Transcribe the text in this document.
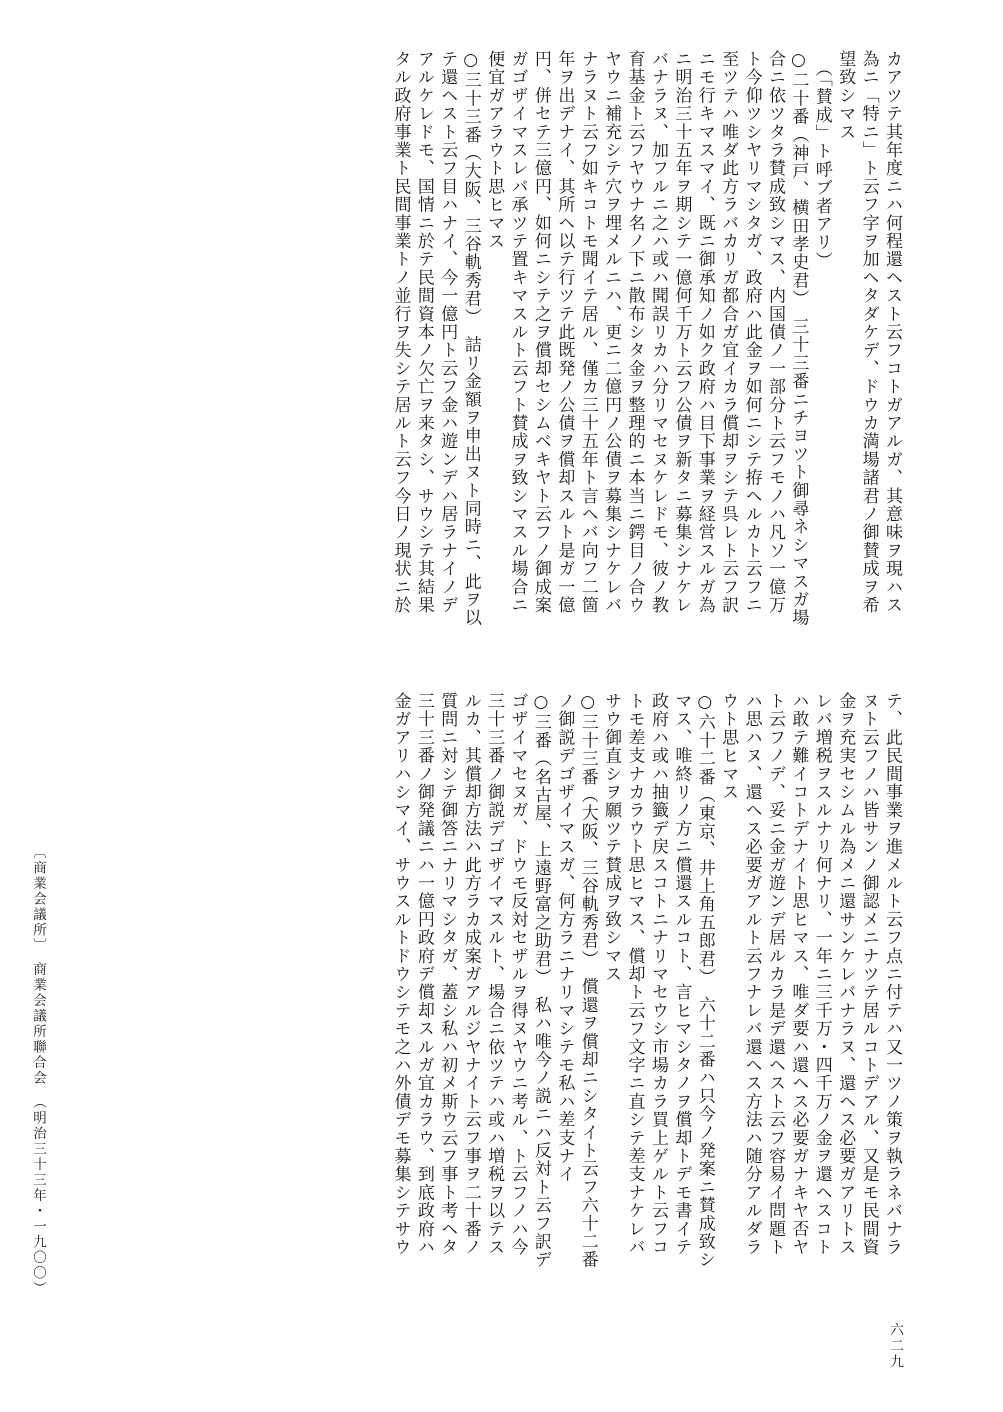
カアツテ其年度ニハ何程還ヘスト云フコトガアルガ、其意味ヲ現ハス
為ニ「特ニ」ト云フ字ヲ加ヘタダケデ、ドウカ満場諸君ノ御賛成ヲ希
望致シマス
　（「賛成」ト呼ブ者アリ）
○二十番（神戸、横田孝史君）　三十三番ニチヨツト御尋ネシマスガ場
合ニ依ツタラ賛成致シマス、内国債ノ一部分ト云フモノハ凡ソ一億万
ト今仰ツシヤリマシタガ、政府ハ此金ヲ如何ニシテ拵ヘルカト云フニ
至ツテハ唯ダ此方ラバカリガ都合ガ宜イカラ償却ヲシテ呉レト云フ訳
ニモ行キマスマイ、既ニ御承知ノ如ク政府ハ目下事業ヲ経営スルガ為
ニ明治三十五年ヲ期シテ一億何千万ト云フ公債ヲ新タニ募集シナケレ
バナラヌ、加フルニ之ハ或ハ聞誤リカハ分リマセヌケレドモ、彼ノ教
育基金ト云フヤウナ名ノ下ニ散布シタ金ヲ整理的ニ本当ニ鍔目ノ合ウ
ヤウニ補充シテ穴ヲ埋メルニハ、更ニ二億円ノ公債ヲ募集シナケレバ
ナラヌト云フ如キコトモ聞イテ居ル、僅カ三十五年ト言ヘバ向フ二箇
年ヲ出デナイ、其所ヘ以テ行ツテ此既発ノ公債ヲ償却スルト是ガ一億
円、併セテ三億円、如何ニシテ之ヲ償却セシムベキヤト云フノ御成案
ガゴザイマスレバ承ツテ置キマスルト云フト賛成ヲ致シマスル場合ニ
便宜ガアラウト思ヒマス
○三十三番（大阪、三谷軌秀君）　詰リ金額ヲ申出ヌト同時ニ、此ヲ以
テ還ヘスト云フ目ハナイ、今一億円ト云フ金ハ遊ンデハ居ラナイノデ
アルケレドモ、国情ニ於テ民間資本ノ欠亡ヲ来タシ、サウシテ其結果
タル政府事業ト民間事業トノ並行ヲ失シテ居ルト云フ今日ノ現状ニ於
テ、此民間事業ヲ進メルト云フ点ニ付テハ又一ツノ策ヲ執ラネバナラ
ヌト云フノハ皆サンノ御認メニナツテ居ルコトデアル、又是モ民間資
金ヲ充実セシムル為メニ還サンケレバナラヌ、還ヘス必要ガアリトス
レバ増税ヲスルナリ何ナリ、一年ニ三千万・四千万ノ金ヲ還ヘスコト
ハ敢テ難イコトデナイト思ヒマス、唯ダ要ハ還ヘス必要ガナキヤ否ヤ
ト云フノデ、妥ニ金ガ遊ンデ居ルカラ是デ還ヘスト云フ容易イ問題ト
ハ思ハヌ、還ヘス必要ガアルト云フナレバ還ヘス方法ハ随分アルダラ
ウト思ヒマス
○六十二番（東京、井上角五郎君）　六十二番ハ只今ノ発案ニ賛成致シ
マス、唯終リノ方ニ償還スルコト、言ヒマシタノヲ償却トデモ書イテ
政府ハ或ハ抽籤デ戻スコトニナリマセウシ市場カラ買上ゲルト云フコ
トモ差支ナカラウト思ヒマス、償却ト云フ文字ニ直シテ差支ナケレバ
サウ御直シヲ願ツテ賛成ヲ致シマス
○三十三番（大阪、三谷軌秀君）　償還ヲ償却ニシタイト云フ六十二番
ノ御説デゴザイマスガ、何方ラニナリマシテモ私ハ差支ナイ
○三番（名古屋、上遠野富之助君）　私ハ唯今ノ説ニハ反対ト云フ訳デ
ゴザイマセヌガ、ドウモ反対セザルヲ得ヌヤウニ考ル、ト云フノハ今
三十三番ノ御説デゴザイマスルト、場合ニ依ツテハ或ハ増税ヲ以テス
ルカ、其償却方法ハ此方ラカ成案ガアルジヤナイト云フ事ヲ二十番ノ
質問ニ対シテ御答ニナリマシタガ、蓋シ私ハ初メ斯ウ云フ事ト考ヘタ
三十三番ノ御発議ニハ一億円政府デ償却スルガ宜カラウ、到底政府ハ
金ガアリハシマイ、サウスルトドウシテモ之ハ外債デモ募集シテサウ
六二九
〔商業会議所〕　商業会議所聯合会　（明治三十三年・一九〇〇）
